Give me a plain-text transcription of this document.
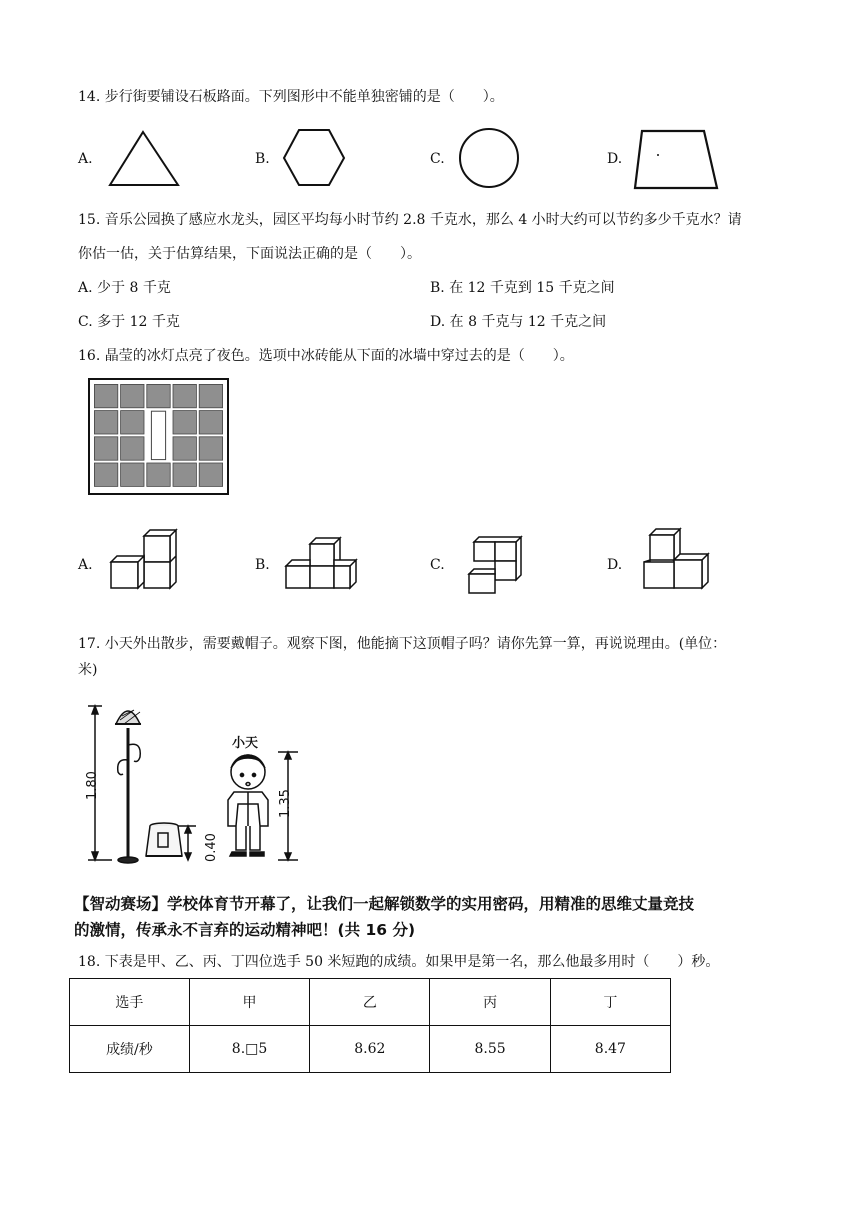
14. 步行街要铺设石板路面。下列图形中不能单独密铺的是（　　）。
A.	B.	C.	D.
15. 音乐公园换了感应水龙头，园区平均每小时节约 2.8 千克水，那么 4 小时大约可以节约多少千克水？请
你估一估，关于估算结果，下面说法正确的是（　　）。
A. 少于 8 千克	B. 在 12 千克到 15 千克之间
C. 多于 12 千克	D. 在 8 千克与 12 千克之间
16. 晶莹的冰灯点亮了夜色。选项中冰砖能从下面的冰墙中穿过去的是（　　）。
A.	B.	C.	D.
17. 小天外出散步，需要戴帽子。观察下图，他能摘下这顶帽子吗？请你先算一算，再说说理由。(单位：
米)
1.80
0.40
1.35
小天
【智动赛场】学校体育节开幕了，让我们一起解锁数学的实用密码，用精准的思维丈量竞技
的激情，传承永不言弃的运动精神吧！(共 16 分)
18. 下表是甲、乙、丙、丁四位选手 50 米短跑的成绩。如果甲是第一名，那么他最多用时（　　）秒。
选手	甲	乙	丙	丁
成绩/秒	8.□5	8.62	8.55	8.47
